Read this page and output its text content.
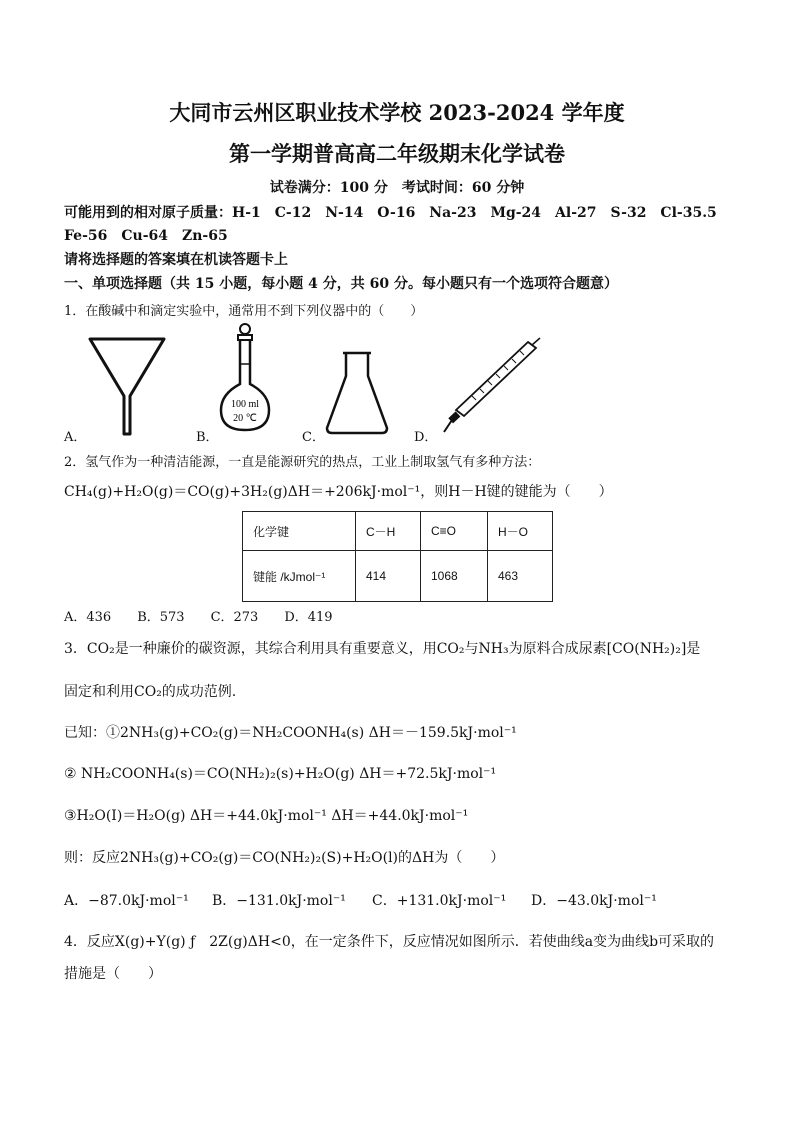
大同市云州区职业技术学校 2023-2024 学年度
第一学期普高高二年级期末化学试卷
试卷满分：100 分　考试时间：60 分钟
可能用到的相对原子质量：H-1　C-12　N-14　O-16　Na-23　Mg-24　Al-27　S-32　Cl-35.5
Fe-56　Cu-64　Zn-65
请将选择题的答案填在机读答题卡上
一、单项选择题（共 15 小题，每小题 4 分，共 60 分。每小题只有一个选项符合题意）
1．在酸碱中和滴定实验中，通常用不到下列仪器中的（　　）
100 ml
20 ℃
A．	B．	C．	D．
2．氢气作为一种清洁能源，一直是能源研究的热点，工业上制取氢气有多种方法：
CH₄(g)+H₂O(g)＝CO(g)+3H₂(g)ΔH＝+206kJ·mol⁻¹，则H－H键的键能为（　　）
化学键	C－H	C≡O	H－O
键能 /kJmol⁻¹	414	1068	463
A．436　　B．573　　C．273　　D．419
3．CO₂是一种廉价的碳资源，其综合利用具有重要意义，用CO₂与NH₃为原料合成尿素[CO(NH₂)₂]是
固定和利用CO₂的成功范例.
已知：①2NH₃(g)+CO₂(g)＝NH₂COONH₄(s) ΔH＝－159.5kJ·mol⁻¹
② NH₂COONH₄(s)＝CO(NH₂)₂(s)+H₂O(g) ΔH＝+72.5kJ·mol⁻¹
③H₂O(I)＝H₂O(g) ΔH＝+44.0kJ·mol⁻¹ ΔH＝+44.0kJ·mol⁻¹
则：反应2NH₃(g)+CO₂(g)＝CO(NH₂)₂(S)+H₂O(l)的ΔH为（　　）
A．−87.0kJ·mol⁻¹ B．−131.0kJ·mol⁻¹ C．+131.0kJ·mol⁻¹ D．−43.0kJ·mol⁻¹
4．反应X(g)+Y(g) ƒ　2Z(g)ΔH<0，在一定条件下，反应情况如图所示．若使曲线a变为曲线b可采取的
措施是（　　）
